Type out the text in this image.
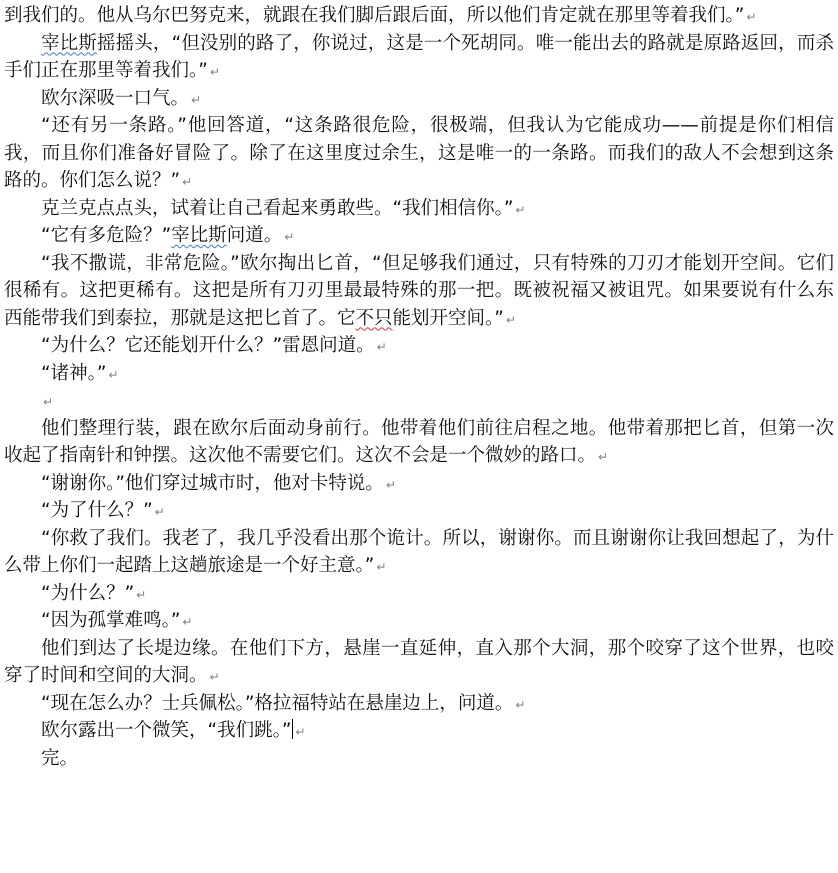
到我们的。他从乌尔巴努克来，就跟在我们脚后跟后面，所以他们肯定就在那里等着我们。” ↵

宰比斯摇摇头，“但没别的路了，你说过，这是一个死胡同。唯一能出去的路就是原路返回，而杀手们正在那里等着我们。” ↵

欧尔深吸一口气。 ↵

“还有另一条路。”他回答道，“这条路很危险，很极端，但我认为它能成功——前提是你们相信我，而且你们准备好冒险了。除了在这里度过余生，这是唯一的一条路。而我们的敌人不会想到这条路的。你们怎么说？” ↵

克兰克点点头，试着让自己看起来勇敢些。“我们相信你。” ↵

“它有多危险？”宰比斯问道。 ↵

“我不撒谎，非常危险。”欧尔掏出匕首，“但足够我们通过，只有特殊的刀刃才能划开空间。它们很稀有。这把更稀有。这把是所有刀刃里最最特殊的那一把。既被祝福又被诅咒。如果要说有什么东西能带我们到泰拉，那就是这把匕首了。它不只能划开空间。” ↵

“为什么？它还能划开什么？”雷恩问道。 ↵

“诸神。” ↵

↵

他们整理行装，跟在欧尔后面动身前行。他带着他们前往启程之地。他带着那把匕首，但第一次收起了指南针和钟摆。这次他不需要它们。这次不会是一个微妙的路口。 ↵

“谢谢你。”他们穿过城市时，他对卡特说。 ↵

“为了什么？” ↵

“你救了我们。我老了，我几乎没看出那个诡计。所以，谢谢你。而且谢谢你让我回想起了，为什么带上你们一起踏上这趟旅途是一个好主意。” ↵

“为什么？” ↵

“因为孤掌难鸣。” ↵

他们到达了长堤边缘。在他们下方，悬崖一直延伸，直入那个大洞，那个咬穿了这个世界，也咬穿了时间和空间的大洞。 ↵

“现在怎么办？士兵佩松。”格拉福特站在悬崖边上，问道。 ↵

欧尔露出一个微笑，“我们跳。” ↵

完。
